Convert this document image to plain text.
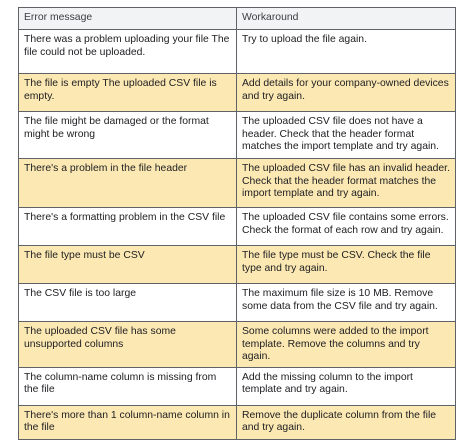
Error message	Workaround
There was a problem uploading your file The file could not be uploaded.	Try to upload the file again.
The file is empty The uploaded CSV file is empty.	Add details for your company-owned devices and try again.
The file might be damaged or the format might be wrong	The uploaded CSV file does not have a header. Check that the header format matches the import template and try again.
There's a problem in the file header	The uploaded CSV file has an invalid header. Check that the header format matches the import template and try again.
There's a formatting problem in the CSV file	The uploaded CSV file contains some errors. Check the format of each row and try again.
The file type must be CSV	The file type must be CSV. Check the file type and try again.
The CSV file is too large	The maximum file size is 10 MB. Remove some data from the CSV file and try again.
The uploaded CSV file has some unsupported columns	Some columns were added to the import template. Remove the columns and try again.
The column-name column is missing from the file	Add the missing column to the import template and try again.
There's more than 1 column-name column in the file	Remove the duplicate column from the file and try again.
